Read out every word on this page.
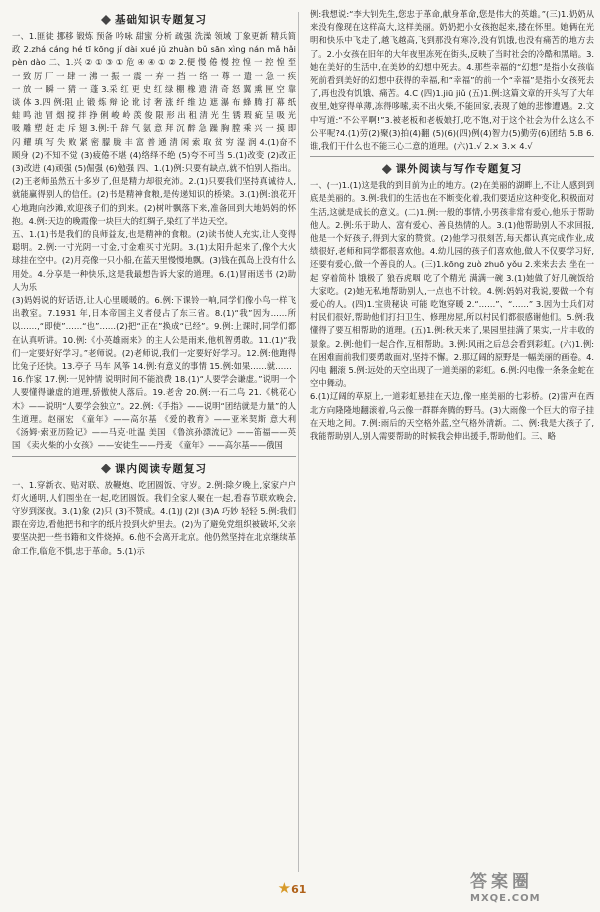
基础知识专题复习

一、1.匪徒 挪移 锻炼 预备 吟咏 甜蜜 分析 疏强 洗澡 领域 丁象更新 精兵简政 2.zhá cáng hé tī kōng jí dài xué jǔ zhuàn bǔ sān xìng nán mǎ hǎi pèn dào 二、1.兴 ② ① ③ ① 危 ④ ④ ① ② 2.便 慢 倦 慢 控 惶 一 控 惶 至 一 致 厉 厂 一 肆 一 沸 一 振 一 震 一 弃 一 挡 一 络 一 尊 一 遣 一 急 一 疾 一 放 一 瞬 一 猜 一 蓬 3.采 红 更 史 红 绿 棚 橡 遗 清 奇 怒 翼 熏 匣 空 靠 谈 体 3.四 例:阻 止 锻 炼 辩 论 讹 讨 奢 涨 纤 维 边 遮 瀑 布 蜂 腾 打 幕 纸 蛙 鸣 池 冒 烟 搅 拌 挣 俐 峻 岭 羡 俊 限 形 出 租 清 光 生 锈 瑕 疵 呈 吸 光 吸 雕 塑 赶 走 斥 翅 3.例:千 辞 气 氨 意 拜 沉 醉 急 躁 胸 膛 乘 兴 一 摸 即 闪 耀 填 写 失 败 紧 密 朦 胧 丰 富 普 通 清 闲 索 取 贫 穷 湿 润 4.(1)奋不顾身 (2)不知不觉 (3)疲倦不堪 (4)络绎不绝 (5)夸不可当 5.(1)改变 (2)改正 (3)改进 (4)顽强 (5)倔强 (6)勉强 四、1.(1)例:只要有缺点,就不怕别人指出。(2)王老师虽然五十多岁了,但是精力却很充沛。2.(1)只要我们坚持真诚待人,就能赢得别人的信任。(2)书是精神食粮,是传递知识的桥梁。3.(1)例:浪花开心地跑向沙滩,欢迎孩子们的到来。(2)树叶飘落下来,准备回到大地妈妈的怀抱。4.例:天边的晚霞像一块巨大的红绸子,染红了半边天空。

五、1.(1)书是我们的良师益友,也是精神的食粮。(2)读书使人充实,让人变得聪明。2.例:一寸光阴一寸金,寸金难买寸光阴。3.(1)太阳升起来了,像个大火球挂在空中。(2)月亮像一只小船,在蓝天里慢慢地飘。(3)钱在孤岛上没有什么用处。4.分享是一种快乐,这是我最想告诉大家的道理。6.(1)冒雨送书 (2)助人为乐

(3)妈妈说的好话语,让人心里暖暖的。6.例:下课铃一响,同学们像小鸟一样飞出教室。7.1931 年,日本帝国主义者侵占了东三省。8.(1)“我”因为……所以……,“即使”……“也”……(2)把“正在”换成“已经”。9.例:上课时,同学们都在认真听讲。10.例:《小英雄雨来》的主人公是雨来,他机智勇敢。11.(1)“我们一定要好好学习。”老师说。(2)老师说,我们一定要好好学习。12.例:他跑得比兔子还快。13.亭子 马车 风筝 14.例:有意义的事情 15.例:如果……就……

16.作家 17.例:一见钟情 说明时间不能浪费 18.(1)“人要学会谦虚。”说明一个人要懂得谦虚的道理,骄傲使人落后。19.老舍 20.例:一石二鸟 21.《桃花心木》——说明“人要学会独立”。22.例:《手指》——说明“团结就是力量”的人生道理。赵丽宏 《童年》——高尔基 《爱的教育》——亚米契斯 意大利 《汤姆·索亚历险记》——马克·吐温 美国 《鲁滨孙漂流记》——笛福——英国 《卖火柴的小女孩》——安徒生——丹麦 《童年》——高尔基——俄国

课内阅读专题复习

一、1.穿新衣、贴对联、放鞭炮、吃团圆饭、守岁。2.例:除夕晚上,家家户户灯火通明,人们围坐在一起,吃团圆饭。我们全家人聚在一起,看春节联欢晚会,守岁到深夜。3.(1)象 (2)只 (3)不赞成。4.(1)J (2)I (3)A 巧妙 轻轻 5.例:我们跟在旁边,看他把书和字的纸片投到火炉里去。(2)为了避免党组织被破坏,父亲要坚决把一些书籍和文件烧掉。6.他不会离开北京。他仍然坚持在北京继续革命工作,临危不惧,忠于革命。5.(1)示

例:我想说:“李大钊先生,您忠于革命,献身革命,您是伟大的英雄。”(三)1.奶奶从来没有像现在这样高大,这样美丽。奶奶把小女孩抱起来,搂在怀里。她俩在光明和快乐中飞走了,越飞越高,飞到那没有寒冷,没有饥饿,也没有痛苦的地方去了。2.小女孩在旧年的大年夜里冻死在街头,反映了当时社会的冷酷和黑暗。3.她在美好的生活中,在美妙的幻想中死去。4.那些幸福的“幻想”是指小女孩临死前看到美好的幻想中获得的幸福,和“幸福”的前一个“幸福”是指小女孩死去了,再也没有饥饿、痛苦。4.C (四)1.jiū jiǔ (五)1.例:这篇文章的开头写了大年夜里,她穿得单薄,冻得哆嗦,卖不出火柴,不能回家,表现了她的悲惨遭遇。2.文中写道:“不公平啊!”3.被老板和老板娘打,吃不饱,对于这个社会为什么这么不公平呢?4.(1)劳(2)聚(3)拍(4)翻 (5)(6)(四)例(4)智力(5)勤劳(6)团结 5.B 6.谁,我们干什么也不能三心二意的道理。(六)1.√ 2.× 3.× 4.√

课外阅读与写作专题复习

一、(一)1.(1)这是我的到目前为止的地方。(2)在美丽的湖畔上,不让人感到到底是美丽的。3.例:我们的生活也在不断变化着,我们要适应这种变化,积极面对生活,这就是成长的意义。(二)1.例:一般的事情,小男孩非常有爱心,他乐于帮助他人。2.例:乐于助人、富有爱心、善良热情的人。3.(1)他帮助别人不求回报,他是一个好孩子,得到大家的赞赏。(2)他学习很刻苦,每天都认真完成作业,成绩很好,老师和同学都很喜欢他。4.幼儿园的孩子们喜欢他,做人不仅要学习好,还要有爱心,做一个善良的人。(三)1.kōng zuò zhuō yǒu 2.来来去去 坐在一起 穿着简朴 饿极了 狼吞虎咽 吃了个精光 满满一碗 3.(1)她做了好几碗饭给大家吃。(2)她无私地帮助别人,一点也不计较。4.例:妈妈对我说,要做一个有爱心的人。(四)1.宝贵秘诀 可能 吃饱穿暖 2.“……”、“……” 3.因为士兵们对村民们很好,帮助他们打扫卫生、修理房屋,所以村民们都很感谢他们。5.例:我懂得了要互相帮助的道理。(五)1.例:秋天来了,果园里挂满了果实,一片丰收的景象。2.例:他们一起合作,互相帮助。3.例:风雨之后总会看到彩虹。(六)1.例:在困难面前我们要勇敢面对,坚持不懈。2.那辽阔的原野是一幅美丽的画卷。4.闪电 翻滚 5.例:远处的天空出现了一道美丽的彩虹。6.例:闪电像一条条金蛇在空中舞动。

6.(1)辽阔的草原上,一道彩虹悬挂在天边,像一座美丽的七彩桥。(2)雷声在西北方向隆隆地翻滚着,乌云像一群群奔腾的野马。(3)大雨像一个巨大的帘子挂在天地之间。7.例:雨后的天空格外蓝,空气格外清新。二、例:我是大孩子了,我能帮助别人,别人需要帮助的时候我会伸出援手,帮助他们。三、略

★61	答案圈
MXQE.COM
